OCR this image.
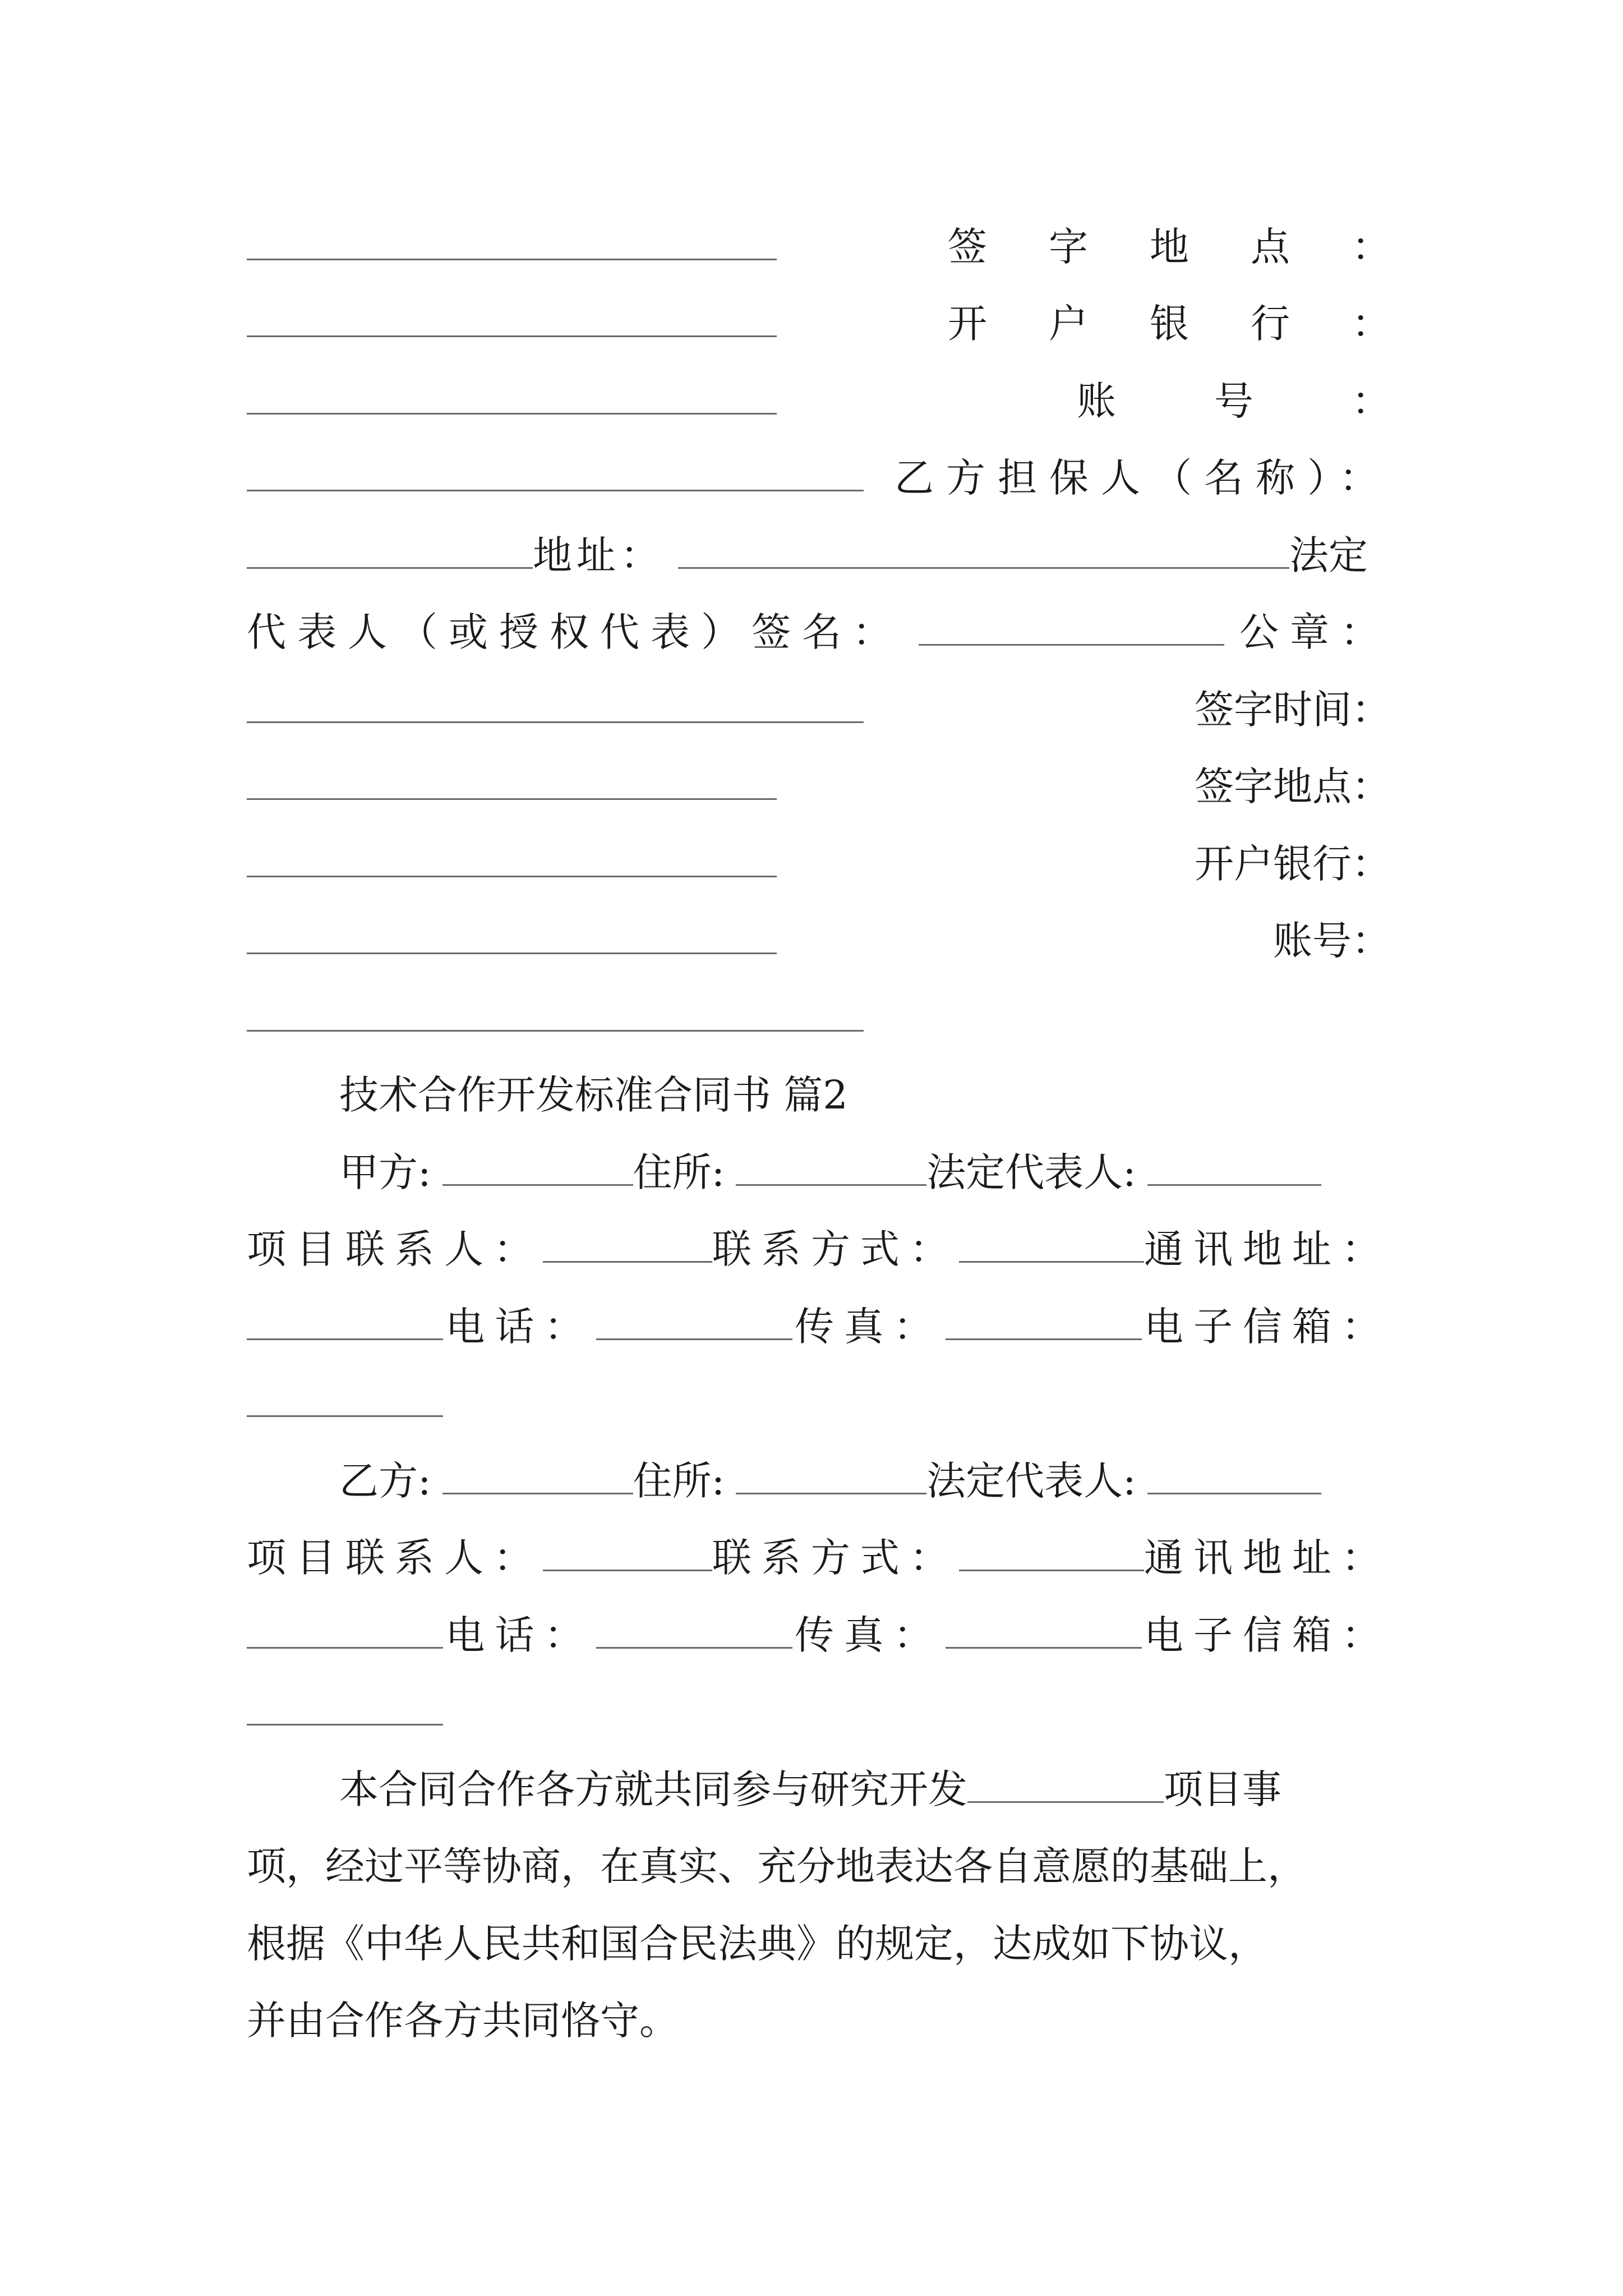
签 字 地 点 ：
开 户 银 行 ：
账	号	：
乙方担保人（名称）：
地址：	法定
代表人（或授权代表）签名：	公章：
签字时间：
签字地点：
开户银行：
账号：
技术合作开发标准合同书 篇2
甲方:	住所:	法定代表人:
项目联系人：	联系方式：	通讯地址：
电话：	传真：	电子信箱：
乙方:	住所:	法定代表人:
项目联系人：	联系方式：	通讯地址：
电话：	传真：	电子信箱：
本合同合作各方就共同参与研究开发	项目事
项，经过平等协商，在真实、充分地表达各自意愿的基础上，
根据《中华人民共和国合民法典》的规定，达成如下协议，
并由合作各方共同恪守。
